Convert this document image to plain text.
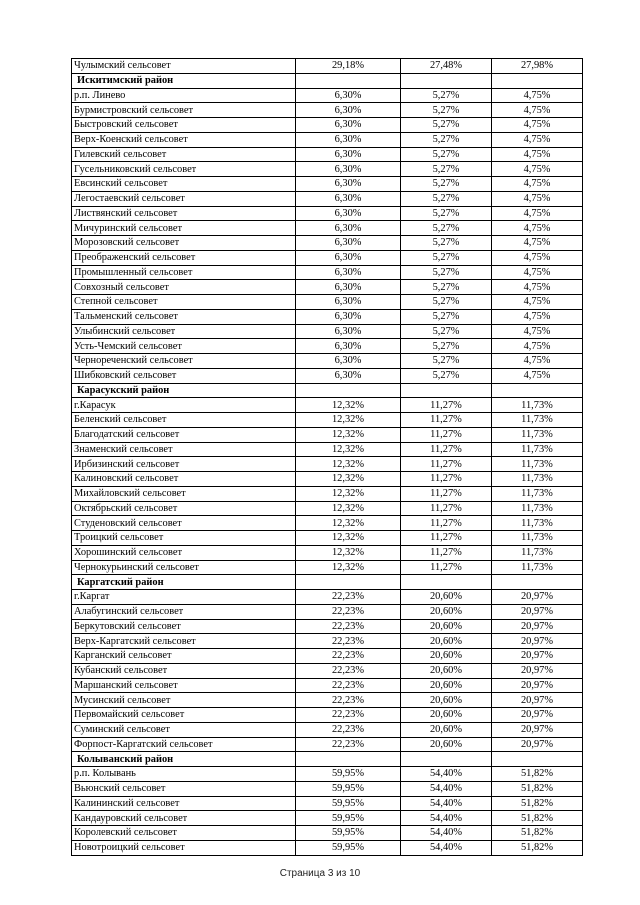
Чулымский сельсовет	29,18%	27,48%	27,98%
Искитимский район			
р.п. Линево	6,30%	5,27%	4,75%
Бурмистровский сельсовет	6,30%	5,27%	4,75%
Быстровский сельсовет	6,30%	5,27%	4,75%
Верх-Коенский сельсовет	6,30%	5,27%	4,75%
Гилевский сельсовет	6,30%	5,27%	4,75%
Гусельниковский сельсовет	6,30%	5,27%	4,75%
Евсинский сельсовет	6,30%	5,27%	4,75%
Легостаевский сельсовет	6,30%	5,27%	4,75%
Листвянский сельсовет	6,30%	5,27%	4,75%
Мичуринский сельсовет	6,30%	5,27%	4,75%
Морозовский сельсовет	6,30%	5,27%	4,75%
Преображенский сельсовет	6,30%	5,27%	4,75%
Промышленный сельсовет	6,30%	5,27%	4,75%
Совхозный сельсовет	6,30%	5,27%	4,75%
Степной сельсовет	6,30%	5,27%	4,75%
Тальменский сельсовет	6,30%	5,27%	4,75%
Улыбинский сельсовет	6,30%	5,27%	4,75%
Усть-Чемский сельсовет	6,30%	5,27%	4,75%
Чернореченский сельсовет	6,30%	5,27%	4,75%
Шибковский сельсовет	6,30%	5,27%	4,75%
Карасукский район			
г.Карасук	12,32%	11,27%	11,73%
Беленский сельсовет	12,32%	11,27%	11,73%
Благодатский сельсовет	12,32%	11,27%	11,73%
Знаменский сельсовет	12,32%	11,27%	11,73%
Ирбизинский сельсовет	12,32%	11,27%	11,73%
Калиновский сельсовет	12,32%	11,27%	11,73%
Михайловский сельсовет	12,32%	11,27%	11,73%
Октябрьский сельсовет	12,32%	11,27%	11,73%
Студеновский сельсовет	12,32%	11,27%	11,73%
Троицкий сельсовет	12,32%	11,27%	11,73%
Хорошинский сельсовет	12,32%	11,27%	11,73%
Чернокурьинский сельсовет	12,32%	11,27%	11,73%
Каргатский район			
г.Каргат	22,23%	20,60%	20,97%
Алабугинский сельсовет	22,23%	20,60%	20,97%
Беркутовский сельсовет	22,23%	20,60%	20,97%
Верх-Каргатский сельсовет	22,23%	20,60%	20,97%
Карганский сельсовет	22,23%	20,60%	20,97%
Кубанский сельсовет	22,23%	20,60%	20,97%
Маршанский сельсовет	22,23%	20,60%	20,97%
Мусинский сельсовет	22,23%	20,60%	20,97%
Первомайский сельсовет	22,23%	20,60%	20,97%
Суминский сельсовет	22,23%	20,60%	20,97%
Форпост-Каргатский сельсовет	22,23%	20,60%	20,97%
Колыванский район			
р.п. Колывань	59,95%	54,40%	51,82%
Вьюнский сельсовет	59,95%	54,40%	51,82%
Калининский сельсовет	59,95%	54,40%	51,82%
Кандауровский сельсовет	59,95%	54,40%	51,82%
Королевский сельсовет	59,95%	54,40%	51,82%
Новотроицкий сельсовет	59,95%	54,40%	51,82%
Страница 3 из 10
